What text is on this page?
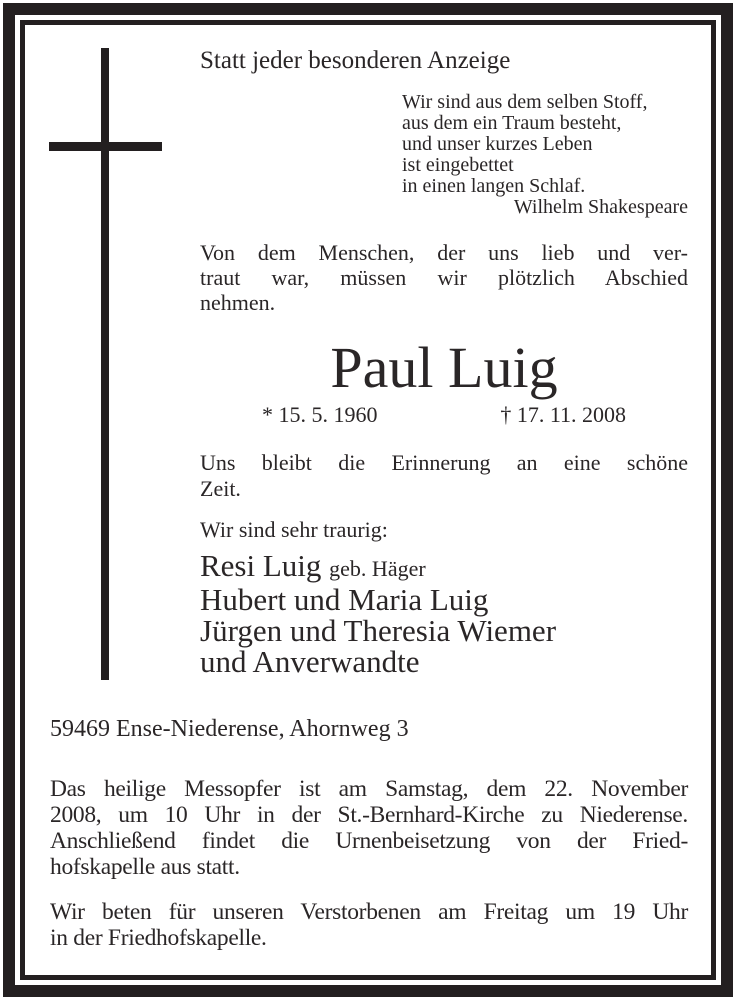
Statt jeder besonderen Anzeige
Wir sind aus dem selben Stoff,
aus dem ein Traum besteht,
und unser kurzes Leben
ist eingebettet
in einen langen Schlaf.
Wilhelm Shakespeare
Von dem Menschen, der uns lieb und ver-
traut war, müssen wir plötzlich Abschied
nehmen.
Paul Luig
* 15. 5. 1960	† 17. 11. 2008
Uns bleibt die Erinnerung an eine schöne
Zeit.
Wir sind sehr traurig:
Resi Luig geb. Häger
Hubert und Maria Luig
Jürgen und Theresia Wiemer
und Anverwandte
59469 Ense-Niederense, Ahornweg 3
Das heilige Messopfer ist am Samstag, dem 22. November
2008, um 10 Uhr in der St.-Bernhard-Kirche zu Niederense.
Anschließend findet die Urnenbeisetzung von der Fried-
hofskapelle aus statt.
Wir beten für unseren Verstorbenen am Freitag um 19 Uhr
in der Friedhofskapelle.
